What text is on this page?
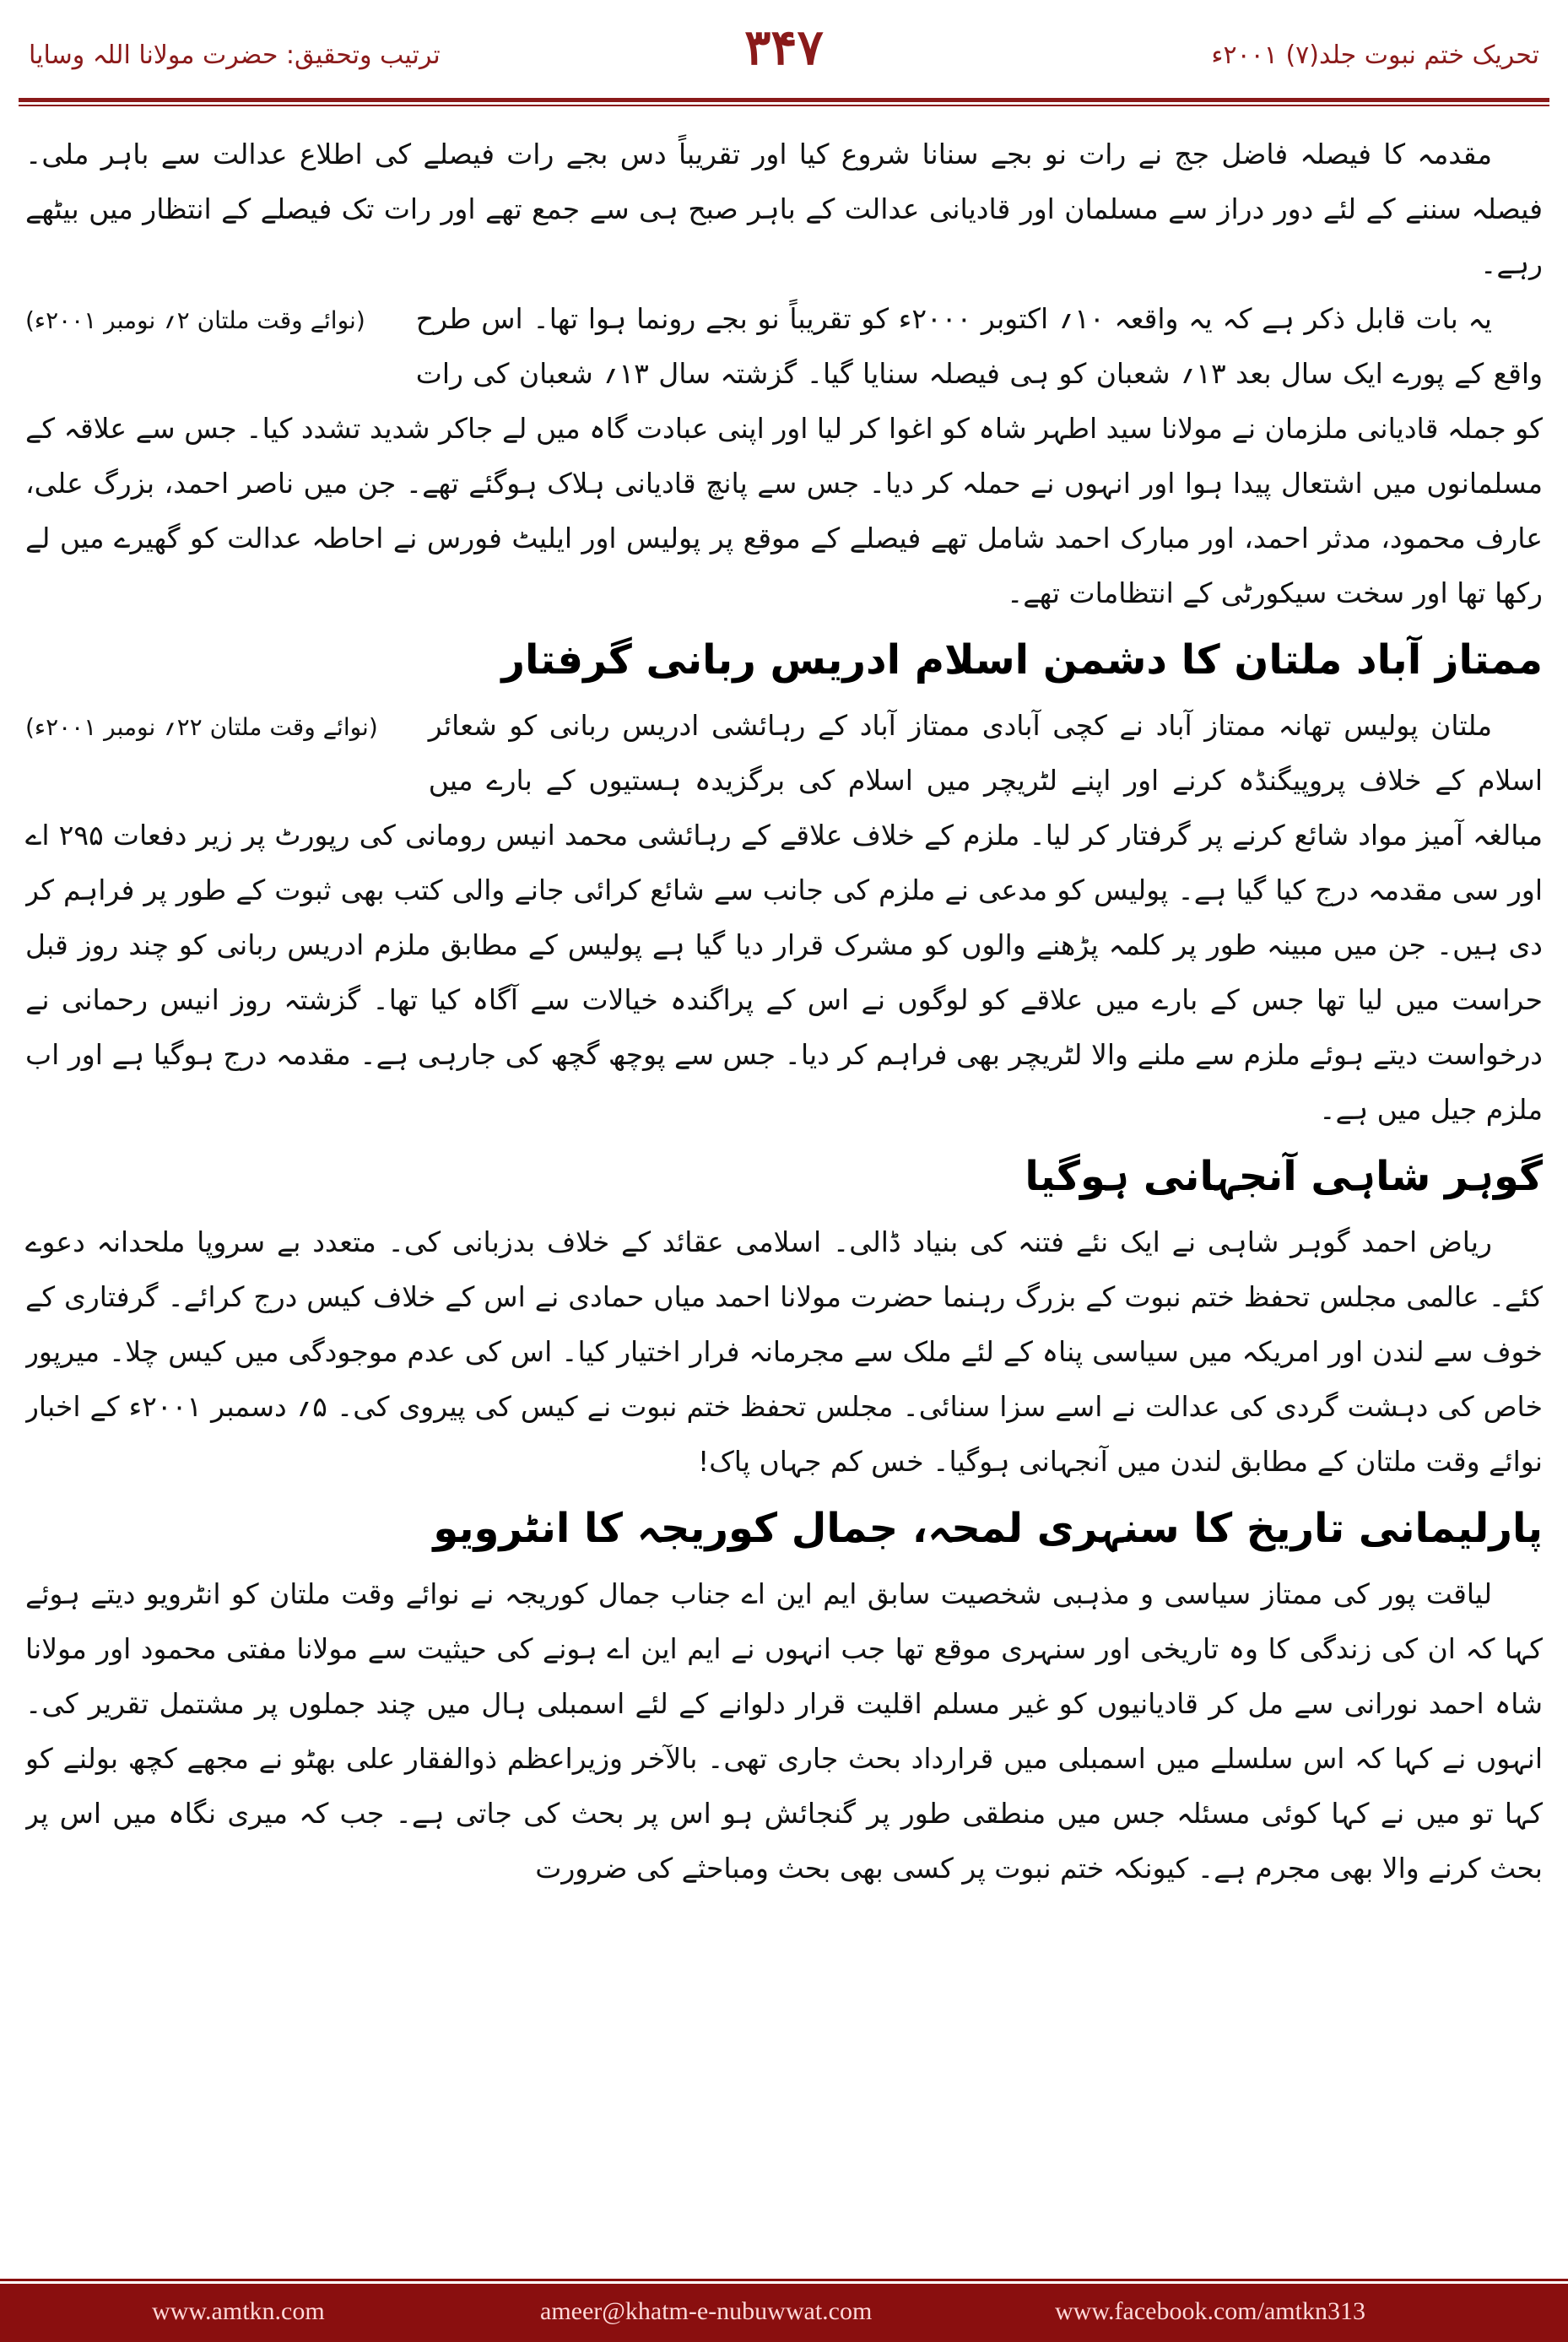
ترتیب وتحقیق: حضرت مولانا اللہ وسایا	۳۴۷	تحریک ختم نبوت جلد(۷) ۲۰۰۱ء

مقدمہ کا فیصلہ فاضل جج نے رات نو بجے سنانا شروع کیا اور تقریباً دس بجے رات فیصلے کی اطلاع عدالت سے باہر ملی۔ فیصلہ سننے کے لئے دور دراز سے مسلمان اور قادیانی عدالت کے باہر صبح ہی سے جمع تھے اور رات تک فیصلے کے انتظار میں بیٹھے رہے۔

(نوائے وقت ملتان ۲؍ نومبر ۲۰۰۱ء)	یہ بات قابل ذکر ہے کہ یہ واقعہ ۱۰؍ اکتوبر ۲۰۰۰ء کو تقریباً نو بجے رونما ہوا تھا۔ اس طرح واقع کے پورے ایک سال بعد ۱۳؍ شعبان کو ہی فیصلہ سنایا گیا۔ گزشتہ سال ۱۳؍ شعبان کی رات کو جملہ قادیانی ملزمان نے مولانا سید اطہر شاہ کو اغوا کر لیا اور اپنی عبادت گاہ میں لے جاکر شدید تشدد کیا۔ جس سے علاقہ کے مسلمانوں میں اشتعال پیدا ہوا اور انہوں نے حملہ کر دیا۔ جس سے پانچ قادیانی ہلاک ہوگئے تھے۔ جن میں ناصر احمد، بزرگ علی، عارف محمود، مدثر احمد، اور مبارک احمد شامل تھے فیصلے کے موقع پر پولیس اور ایلیٹ فورس نے احاطہ عدالت کو گھیرے میں لے رکھا تھا اور سخت سیکورٹی کے انتظامات تھے۔

ممتاز آباد ملتان کا دشمن اسلام ادریس ربانی گرفتار

(نوائے وقت ملتان ۲۲؍ نومبر ۲۰۰۱ء)	ملتان پولیس تھانہ ممتاز آباد نے کچی آبادی ممتاز آباد کے رہائشی ادریس ربانی کو شعائر اسلام کے خلاف پروپیگنڈہ کرنے اور اپنے لٹریچر میں اسلام کی برگزیدہ ہستیوں کے بارے میں مبالغہ آمیز مواد شائع کرنے پر گرفتار کر لیا۔ ملزم کے خلاف علاقے کے رہائشی محمد انیس رومانی کی رپورٹ پر زیر دفعات ۲۹۵ اے اور سی مقدمہ درج کیا گیا ہے۔ پولیس کو مدعی نے ملزم کی جانب سے شائع کرائی جانے والی کتب بھی ثبوت کے طور پر فراہم کر دی ہیں۔ جن میں مبینہ طور پر کلمہ پڑھنے والوں کو مشرک قرار دیا گیا ہے پولیس کے مطابق ملزم ادریس ربانی کو چند روز قبل حراست میں لیا تھا جس کے بارے میں علاقے کو لوگوں نے اس کے پراگندہ خیالات سے آگاہ کیا تھا۔ گزشتہ روز انیس رحمانی نے درخواست دیتے ہوئے ملزم سے ملنے والا لٹریچر بھی فراہم کر دیا۔ جس سے پوچھ گچھ کی جارہی ہے۔ مقدمہ درج ہوگیا ہے اور اب ملزم جیل میں ہے۔

گوہر شاہی آنجہانی ہوگیا

ریاض احمد گوہر شاہی نے ایک نئے فتنہ کی بنیاد ڈالی۔ اسلامی عقائد کے خلاف بدزبانی کی۔ متعدد بے سروپا ملحدانہ دعوے کئے۔ عالمی مجلس تحفظ ختم نبوت کے بزرگ رہنما حضرت مولانا احمد میاں حمادی نے اس کے خلاف کیس درج کرائے۔ گرفتاری کے خوف سے لندن اور امریکہ میں سیاسی پناہ کے لئے ملک سے مجرمانہ فرار اختیار کیا۔ اس کی عدم موجودگی میں کیس چلا۔ میرپور خاص کی دہشت گردی کی عدالت نے اسے سزا سنائی۔ مجلس تحفظ ختم نبوت نے کیس کی پیروی کی۔ ۵؍ دسمبر ۲۰۰۱ء کے اخبار نوائے وقت ملتان کے مطابق لندن میں آنجہانی ہوگیا۔ خس کم جہاں پاک!

پارلیمانی تاریخ کا سنہری لمحہ، جمال کوریجہ کا انٹرویو

لیاقت پور کی ممتاز سیاسی و مذہبی شخصیت سابق ایم این اے جناب جمال کوریجہ نے نوائے وقت ملتان کو انٹرویو دیتے ہوئے کہا کہ ان کی زندگی کا وہ تاریخی اور سنہری موقع تھا جب انہوں نے ایم این اے ہونے کی حیثیت سے مولانا مفتی محمود اور مولانا شاہ احمد نورانی سے مل کر قادیانیوں کو غیر مسلم اقلیت قرار دلوانے کے لئے اسمبلی ہال میں چند جملوں پر مشتمل تقریر کی۔ انہوں نے کہا کہ اس سلسلے میں اسمبلی میں قرارداد بحث جاری تھی۔ بالآخر وزیراعظم ذوالفقار علی بھٹو نے مجھے کچھ بولنے کو کہا تو میں نے کہا کوئی مسئلہ جس میں منطقی طور پر گنجائش ہو اس پر بحث کی جاتی ہے۔ جب کہ میری نگاہ میں اس پر بحث کرنے والا بھی مجرم ہے۔ کیونکہ ختم نبوت پر کسی بھی بحث ومباحثے کی ضرورت

www.amtkn.com	ameer@khatm-e-nubuwwat.com	www.facebook.com/amtkn313
